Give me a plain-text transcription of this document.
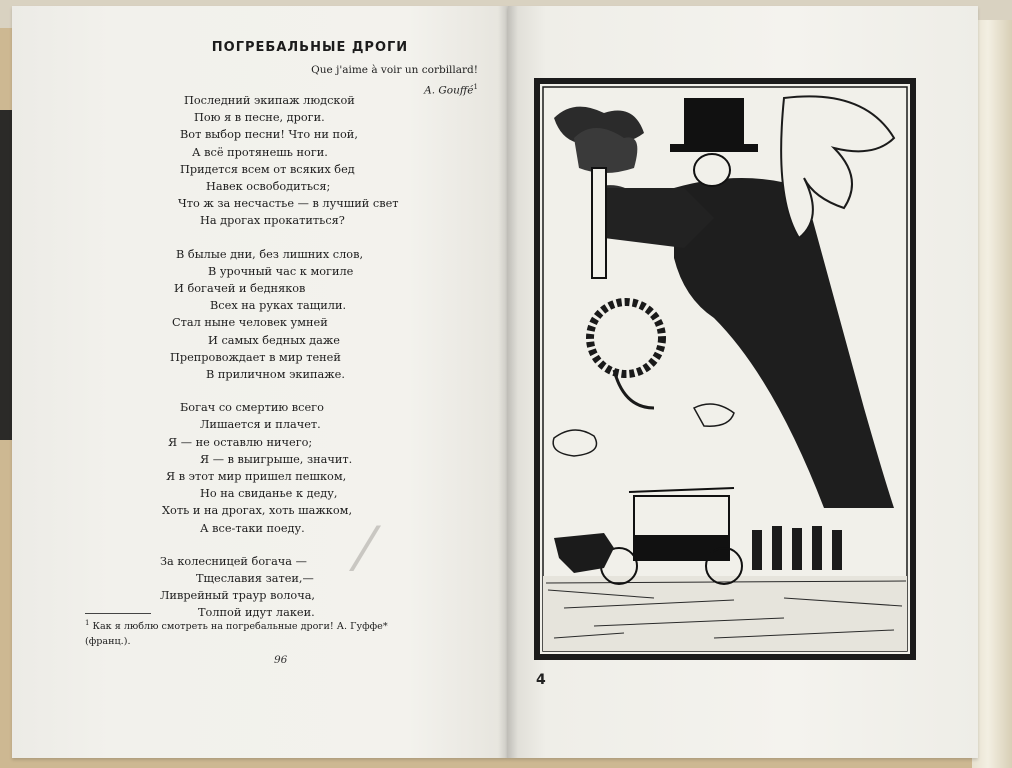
ПОГРЕБАЛЬНЫЕ ДРОГИ
Que j'aime à voir un corbillard!
A. Gouffé$^1$
Последний экипаж людской
Пою я в песне, дроги.
Вот выбор песни! Что ни пой,
А всё протянешь ноги.
Придется всем от всяких бед
Навек освободиться;
Что ж за несчастье — в лучший свет
На дрогах прокатиться?
В былые дни, без лишних слов,
В урочный час к могиле
И богачей и бедняков
Всех на руках тащили.
Стал ныне человек умней
И самых бедных даже
Препровождает в мир теней
В приличном экипаже.
Богач со смертию всего
Лишается и плачет.
Я — не оставлю ничего;
Я — в выигрыше, значит.
Я в этот мир пришел пешком,
Но на свиданье к деду,
Хоть и на дрогах, хоть шажком,
А все-таки поеду.
За колесницей богача —
Тщеславия затеи,—
Ливрейный траур волоча,
Толпой идут лакеи.
⁄
$^1$ Как я люблю смотреть на погребальные дроги! А. Гуффе*
(франц.).
96
4
